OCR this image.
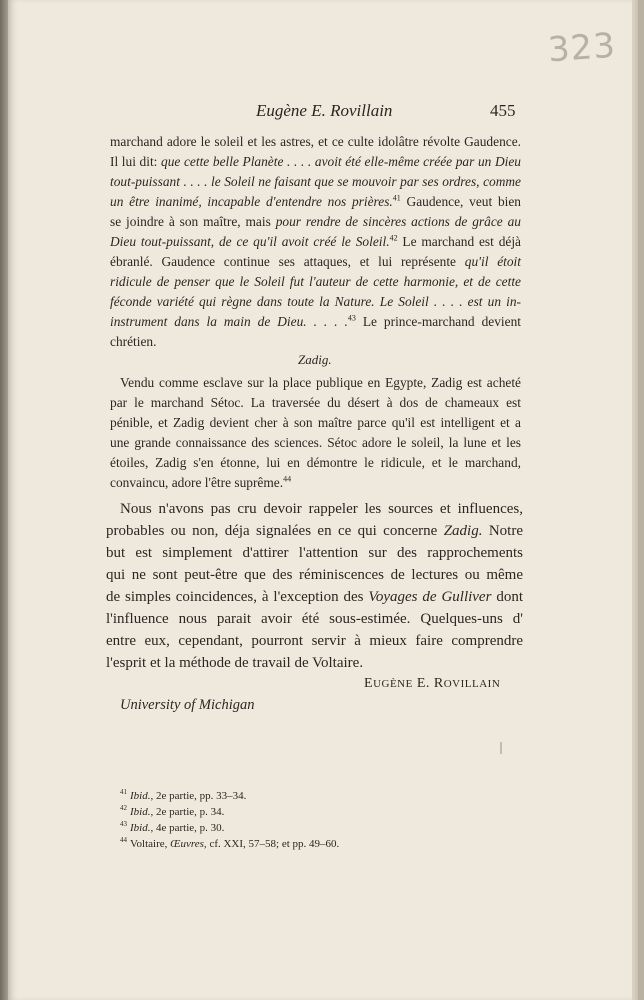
323
Eugène E. Rovillain	455
marchand adore le soleil et les astres, et ce culte idolâtre révolte Gaudence.
Il lui dit: que cette belle Planète . . . . avoit été elle-même créée par un Dieu
tout-puissant . . . . le Soleil ne faisant que se mouvoir par ses ordres, comme
un être inanimé, incapable d'entendre nos prières.$^{41}$ Gaudence, veut bien
se joindre à son maître, mais pour rendre de sincères actions de grâce au
Dieu tout-puissant, de ce qu'il avoit créé le Soleil.$^{42}$ Le marchand est déjà
ébranlé. Gaudence continue ses attaques, et lui représente qu'il étoit
ridicule de penser que le Soleil fut l'auteur de cette harmonie, et de cette
féconde variété qui règne dans toute la Nature. Le Soleil . . . . est un in-
instrument dans la main de Dieu. . . . .$^{43}$ Le prince-marchand devient
chrétien.
Zadig.
Vendu comme esclave sur la place publique en Egypte, Zadig est acheté
par le marchand Sétoc. La traversée du désert à dos de chameaux est
pénible, et Zadig devient cher à son maître parce qu'il est intelligent et a
une grande connaissance des sciences. Sétoc adore le soleil, la lune et les
étoiles, Zadig s'en étonne, lui en démontre le ridicule, et le marchand,
convaincu, adore l'être suprême.$^{44}$
Nous n'avons pas cru devoir rappeler les sources et influences,
probables ou non, déja signalées en ce qui concerne Zadig. Notre
but est simplement d'attirer l'attention sur des rapprochements
qui ne sont peut-être que des réminiscences de lectures ou même
de simples coincidences, à l'exception des Voyages de Gulliver dont
l'influence nous parait avoir été sous-estimée. Quelques-uns d'
entre eux, cependant, pourront servir à mieux faire comprendre
l'esprit et la méthode de travail de Voltaire.
EUGÈNE E. ROVILLAIN
University of Michigan
$^{41}$ Ibid., 2e partie, pp. 33–34.
$^{42}$ Ibid., 2e partie, p. 34.
$^{43}$ Ibid., 4e partie, p. 30.
$^{44}$ Voltaire, Œuvres, cf. XXI, 57–58; et pp. 49–60.
